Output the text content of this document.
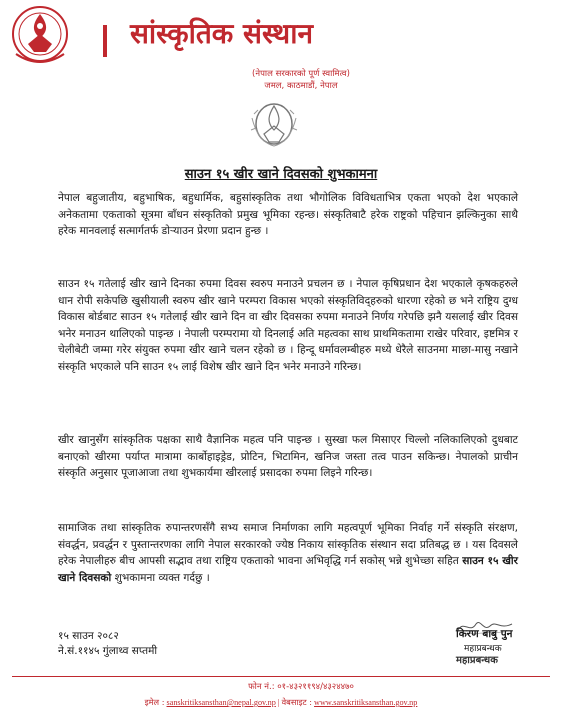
सांस्कृतिक संस्थान
(नेपाल सरकारको पूर्ण स्वामित्व)
जमल, काठमाडौं, नेपाल
साउन १५ खीर खाने दिवसको शुभकामना

नेपाल बहुजातीय, बहुभाषिक, बहुधार्मिक, बहुसांस्कृतिक तथा भौगोलिक विविधताभित्र एकता भएको देश भएकाले अनेकतामा एकताको सूत्रमा बाँधन संस्कृतिको प्रमुख भूमिका रहन्छ। संस्कृतिबाटै हरेक राष्ट्रको पहिचान झल्किनुका साथै हरेक मानवलाई सत्मार्गतर्फ डोर्‍याउन प्रेरणा प्रदान हुन्छ ।

साउन १५ गतेलाई खीर खाने दिनका रुपमा दिवस स्वरुप मनाउने प्रचलन छ । नेपाल कृषिप्रधान देश भएकाले कृषकहरुले धान रोपी सकेपछि खुसीयाली स्वरुप खीर खाने परम्परा विकास भएको संस्कृतिविद्हरुको धारणा रहेको छ भने राष्ट्रिय दुग्ध विकास बोर्डबाट साउन १५ गतेलाई खीर खाने दिन वा खीर दिवसका रुपमा मनाउने निर्णय गरेपछि झनै यसलाई खीर दिवस भनेर मनाउन थालिएको पाइन्छ । नेपाली परम्परामा यो दिनलाई अति महत्वका साथ प्राथमिकतामा राखेर परिवार, इष्टमित्र र चेलीबेटी जम्मा गरेर संयुक्त रुपमा खीर खाने चलन रहेको छ । हिन्दू धर्मावलम्बीहरु मध्ये धेरैले साउनमा माछा-मासु नखाने संस्कृति भएकाले पनि साउन १५ लाई विशेष खीर खाने दिन भनेर मनाउने गरिन्छ।

खीर खानुसँग सांस्कृतिक पक्षका साथै वैज्ञानिक महत्व पनि पाइन्छ । सुस्खा फल मिसाएर चिल्लो नलिकालिएको दुधबाट बनाएको खीरमा पर्याप्त मात्रामा कार्बोहाइड्रेड, प्रोटिन, भिटामिन, खनिज जस्ता तत्व पाउन सकिन्छ। नेपालको प्राचीन संस्कृति अनुसार पूजाआजा तथा शुभकार्यमा खीरलाई प्रसादका रुपमा लिइने गरिन्छ।

सामाजिक तथा सांस्कृतिक रुपान्तरणसँगै सभ्य समाज निर्माणका लागि महत्वपूर्ण भूमिका निर्वाह गर्ने संस्कृति संरक्षण, संवर्द्धन, प्रवर्द्धन र पुस्तान्तरणका लागि नेपाल सरकारको ज्येष्ठ निकाय सांस्कृतिक संस्थान सदा प्रतिबद्ध छ । यस दिवसले हरेक नेपालीहरु बीच आपसी सद्भाव तथा राष्ट्रिय एकताको भावना अभिवृद्धि गर्न सकोस् भन्ने शुभेच्छा सहित साउन १५ खीर खाने दिवसको शुभकामना व्यक्त गर्दछु ।

१५ साउन २०८२
ने.सं.११४५ गुंलाथ्व सप्तमी
किरण बाबु पुन
महाप्रबन्धक
महाप्रबन्धक
फोन नं.: ०१-४३२११९४/४३२४४७०
इमेल : sanskritiksansthan@nepal.gov.np | वेबसाइट : www.sanskritiksansthan.gov.np
